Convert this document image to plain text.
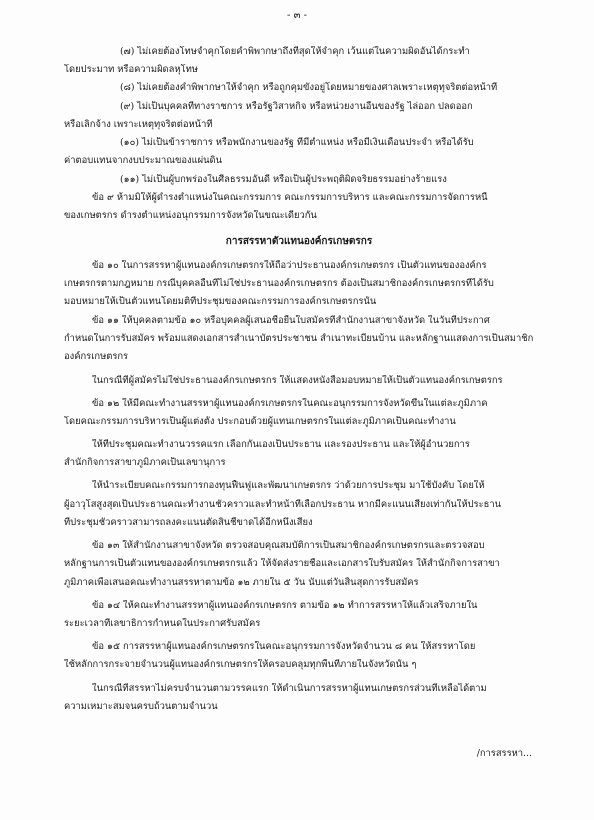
- ๓ -
(๗) ไม่เคยต้องโทษจำคุกโดยคำพิพากษาถึงที่สุดให้จำคุก เว้นแต่ในความผิดอันได้กระทำ
โดยประมาท หรือความผิดลหุโทษ
(๘) ไม่เคยต้องคำพิพากษาให้จำคุก หรือถูกคุมขังอยู่โดยหมายของศาลเพราะเหตุทุจริตต่อหน้าที่
(๙) ไม่เป็นบุคคลที่ทางราชการ หรือรัฐวิสาหกิจ หรือหน่วยงานอื่นของรัฐ ไล่ออก ปลดออก
หรือเลิกจ้าง เพราะเหตุทุจริตต่อหน้าที่
(๑๐) ไม่เป็นข้าราชการ หรือพนักงานของรัฐ ที่มีตำแหน่ง หรือมีเงินเดือนประจำ หรือได้รับ
ค่าตอบแทนจากงบประมาณของแผ่นดิน
(๑๑) ไม่เป็นผู้บกพร่องในศีลธรรมอันดี หรือเป็นผู้ประพฤติผิดจริยธรรมอย่างร้ายแรง
ข้อ ๙ ห้ามมิให้ผู้ดำรงตำแหน่งในคณะกรรมการ คณะกรรมการบริหาร และคณะกรรมการจัดการหนี้
ของเกษตรกร ดำรงตำแหน่งอนุกรรมการจังหวัดในขณะเดียวกัน
การสรรหาตัวแทนองค์กรเกษตรกร
ข้อ ๑๐ ในการสรรหาผู้แทนองค์กรเกษตรกรให้ถือว่าประธานองค์กรเกษตรกร เป็นตัวแทนขององค์กร
เกษตรกรตามกฎหมาย กรณีบุคคลอื่นที่ไม่ใช่ประธานองค์กรเกษตรกร ต้องเป็นสมาชิกองค์กรเกษตรกรที่ได้รับ
มอบหมายให้เป็นตัวแทนโดยมติที่ประชุมของคณะกรรมการองค์กรเกษตรกรนั้น
ข้อ ๑๑ ให้บุคคลตามข้อ ๑๐ หรือบุคคลผู้เสนอชื่อยื่นใบสมัครที่สำนักงานสาขาจังหวัด ในวันที่ประกาศ
กำหนดในการรับสมัคร พร้อมแสดงเอกสารสำเนาบัตรประชาชน สำเนาทะเบียนบ้าน และหลักฐานแสดงการเป็นสมาชิก
องค์กรเกษตรกร
ในกรณีที่ผู้สมัครไม่ใช่ประธานองค์กรเกษตรกร ให้แสดงหนังสือมอบหมายให้เป็นตัวแทนองค์กรเกษตรกร
ข้อ ๑๒ ให้มีคณะทำงานสรรหาผู้แทนองค์กรเกษตรกรในคณะอนุกรรมการจังหวัดขึ้นในแต่ละภูมิภาค
โดยคณะกรรมการบริหารเป็นผู้แต่งตั้ง ประกอบด้วยผู้แทนเกษตรกรในแต่ละภูมิภาคเป็นคณะทำงาน
ให้ที่ประชุมคณะทำงานวรรคแรก เลือกกันเองเป็นประธาน และรองประธาน และให้ผู้อำนวยการ
สำนักกิจการสาขาภูมิภาคเป็นเลขานุการ
ให้นำระเบียบคณะกรรมการกองทุนฟื้นฟูและพัฒนาเกษตรกร ว่าด้วยการประชุม มาใช้บังคับ โดยให้
ผู้อาวุโสสูงสุดเป็นประธานคณะทำงานชั่วคราวและทำหน้าที่เลือกประธาน หากมีคะแนนเสียงเท่ากันให้ประธาน
ที่ประชุมชั่วคราวสามารถลงคะแนนตัดสินชี้ขาดได้อีกหนึ่งเสียง
ข้อ ๑๓ ให้สำนักงานสาขาจังหวัด ตรวจสอบคุณสมบัติการเป็นสมาชิกองค์กรเกษตรกรและตรวจสอบ
หลักฐานการเป็นตัวแทนขององค์กรเกษตรกรแล้ว ให้จัดส่งรายชื่อและเอกสารใบรับสมัคร ให้สำนักกิจการสาขา
ภูมิภาคเพื่อเสนอคณะทำงานสรรหาตามข้อ ๑๒ ภายใน ๕ วัน นับแต่วันสิ้นสุดการรับสมัคร
ข้อ ๑๔ ให้คณะทำงานสรรหาผู้แทนองค์กรเกษตรกร ตามข้อ ๑๒ ทำการสรรหาให้แล้วเสร็จภายใน
ระยะเวลาที่เลขาธิการกำหนดในประกาศรับสมัคร
ข้อ ๑๕ การสรรหาผู้แทนองค์กรเกษตรกรในคณะอนุกรรมการจังหวัดจำนวน ๘ คน ให้สรรหาโดย
ใช้หลักการกระจายจำนวนผู้แทนองค์กรเกษตรกรให้ครอบคลุมทุกพื้นที่ภายในจังหวัดนั้น ๆ
ในกรณีที่สรรหาไม่ครบจำนวนตามวรรคแรก ให้ดำเนินการสรรหาผู้แทนเกษตรกรส่วนที่เหลือได้ตาม
ความเหมาะสมจนครบถ้วนตามจำนวน
/การสรรหา...
